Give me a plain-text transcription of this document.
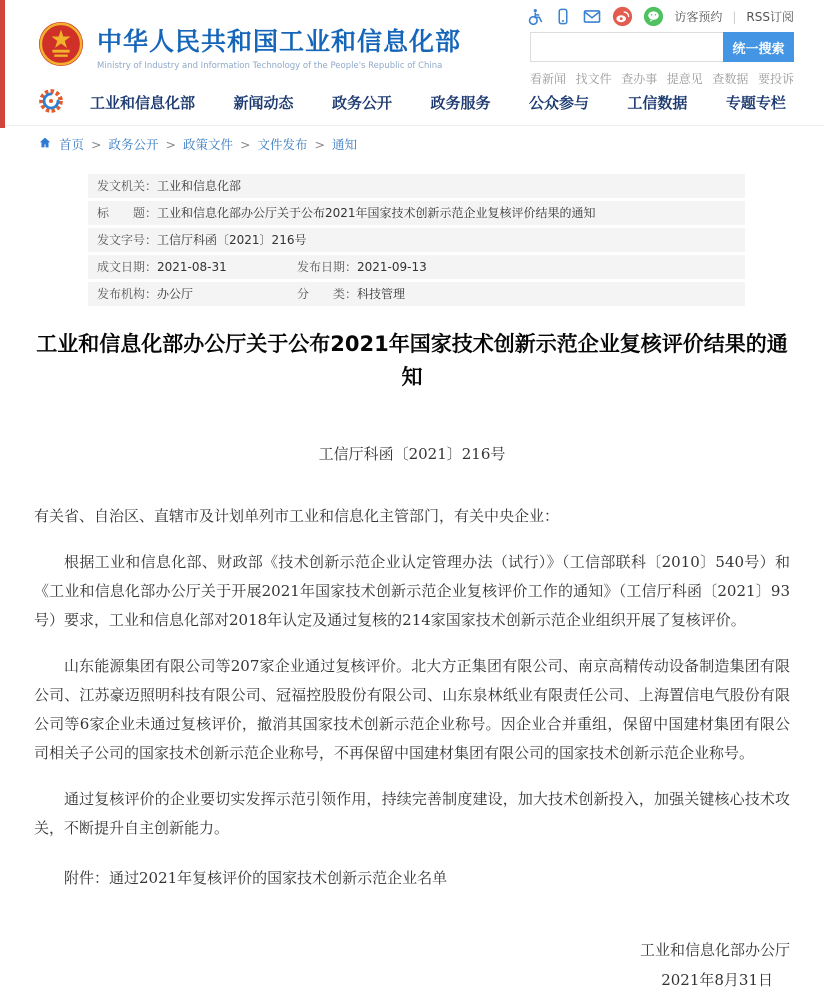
中华人民共和国工业和信息化部
Ministry of Industry and Information Technology of the People's Republic of China
访客预约 | RSS订阅
统一搜索
看新闻 找文件 查办事 提意见 查数据 要投诉
工业和信息化部	新闻动态	政务公开	政务服务	公众参与	工信数据	专题专栏
首页 > 政务公开 > 政策文件 > 文件发布 > 通知
发文机关： 工业和信息化部
标　　题： 工业和信息化部办公厅关于公布2021年国家技术创新示范企业复核评价结果的通知
发文字号： 工信厅科函〔2021〕216号
成文日期： 2021-08-31	发布日期： 2021-09-13
发布机构： 办公厅	分　　类： 科技管理
工业和信息化部办公厅关于公布2021年国家技术创新示范企业复核评价结果的通知
工信厅科函〔2021〕216号

有关省、自治区、直辖市及计划单列市工业和信息化主管部门，有关中央企业：

根据工业和信息化部、财政部《技术创新示范企业认定管理办法（试行）》（工信部联科〔2010〕540号）和《工业和信息化部办公厅关于开展2021年国家技术创新示范企业复核评价工作的通知》（工信厅科函〔2021〕93号）要求，工业和信息化部对2018年认定及通过复核的214家国家技术创新示范企业组织开展了复核评价。

山东能源集团有限公司等207家企业通过复核评价。北大方正集团有限公司、南京高精传动设备制造集团有限公司、江苏豪迈照明科技有限公司、冠福控股股份有限公司、山东泉林纸业有限责任公司、上海置信电气股份有限公司等6家企业未通过复核评价，撤消其国家技术创新示范企业称号。因企业合并重组，保留中国建材集团有限公司相关子公司的国家技术创新示范企业称号，不再保留中国建材集团有限公司的国家技术创新示范企业称号。

通过复核评价的企业要切实发挥示范引领作用，持续完善制度建设，加大技术创新投入，加强关键核心技术攻关，不断提升自主创新能力。

附件：通过2021年复核评价的国家技术创新示范企业名单

工业和信息化部办公厅
2021年8月31日
